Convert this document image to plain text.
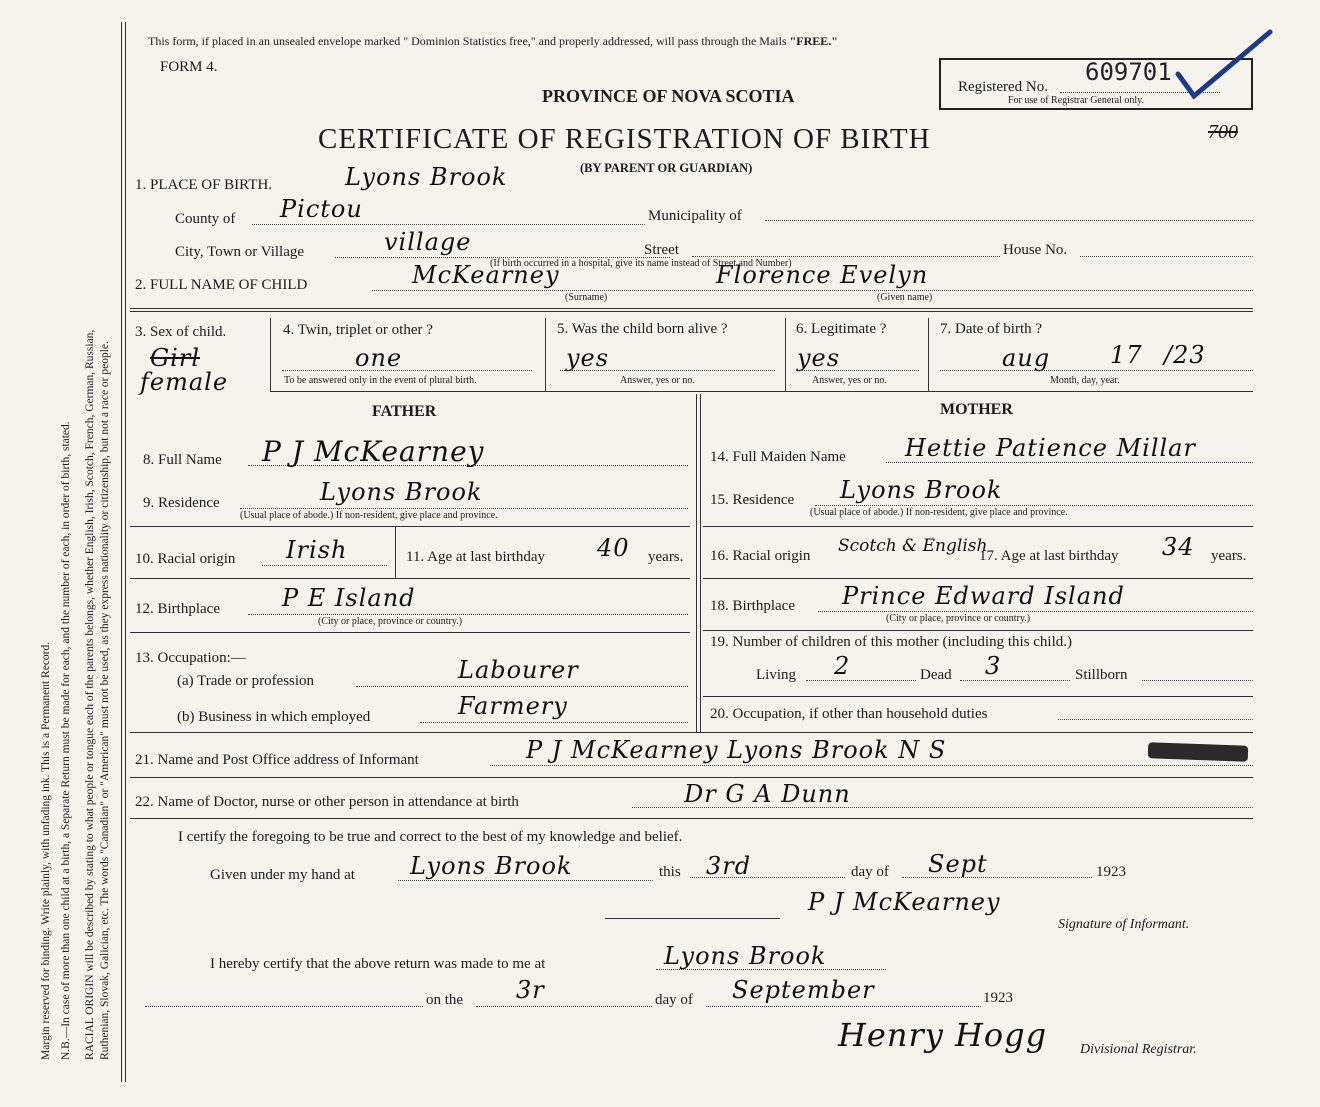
Margin reserved for binding. Write plainly, with unfading ink. This is a Permanent Record. N.B.—In case of more than one child at a birth, a Separate Return must be made for each, and the number of each, in order of birth, stated. RACIAL ORIGIN will be described by stating to what people or tongue each of the parents belongs, whether English, Irish, Scotch, French, German, Russian, Ruthenian, Slovak, Galician, etc. The words "Canadian" or "American" must not be used, as they express nationality or citizenship, but not a race or people.
This form, if placed in an unsealed envelope marked " Dominion Statistics free," and properly addressed, will pass through the Mails "FREE."
FORM 4.
PROVINCE OF NOVA SCOTIA
CERTIFICATE OF REGISTRATION OF BIRTH
(BY PARENT OR GUARDIAN)
Registered No.
609701
For use of Registrar General only.
700
1. PLACE OF BIRTH.	Lyons Brook
County of Pictou	Municipality of
City, Town or Village	village	Street	House No.
(If birth occurred in a hospital, give its name instead of Street and Number)
2. FULL NAME OF CHILD	McKearney
(Surname)
Florence Evelyn
(Given name)
3. Sex of child.
Girl
female
4. Twin, triplet or other ?
one
To be answered only in the event of plural birth.
5. Was the child born alive ?
yes
Answer, yes or no.
6. Legitimate ?
yes
Answer, yes or no.
7. Date of birth ?
aug 17 /23
Month, day, year.
FATHER	MOTHER
8. Full Name P J McKearney
9. Residence	Lyons Brook
(Usual place of abode.) If non-resident, give place and province.
10. Racial origin Irish	11. Age at last birthday 40 years.
12. Birthplace	P E Island
(City or place, province or country.)
13. Occupation:—
(a) Trade or profession	Labourer
(b) Business in which employed	Farmery
14. Full Maiden Name Hettie Patience Millar
15. Residence Lyons Brook
(Usual place of abode.) If non-resident, give place and province.
16. Racial origin Scotch & English
17. Age at last birthday 34 years.
18. Birthplace Prince Edward Island
(City or place, province or country.)
19. Number of children of this mother (including this child.)
Living 2	Dead 3	Stillborn
20. Occupation, if other than household duties
21. Name and Post Office address of Informant	P J McKearney Lyons Brook N S
22. Name of Doctor, nurse or other person in attendance at birth	Dr G A Dunn
I certify the foregoing to be true and correct to the best of my knowledge and belief.
Given under my hand at Lyons Brook	this 3rd	day of Sept	1923
P J McKearney
Signature of Informant.
I hereby certify that the above return was made to me at	Lyons Brook
on the 3r	day of September	1923
Henry Hogg Divisional Registrar.
